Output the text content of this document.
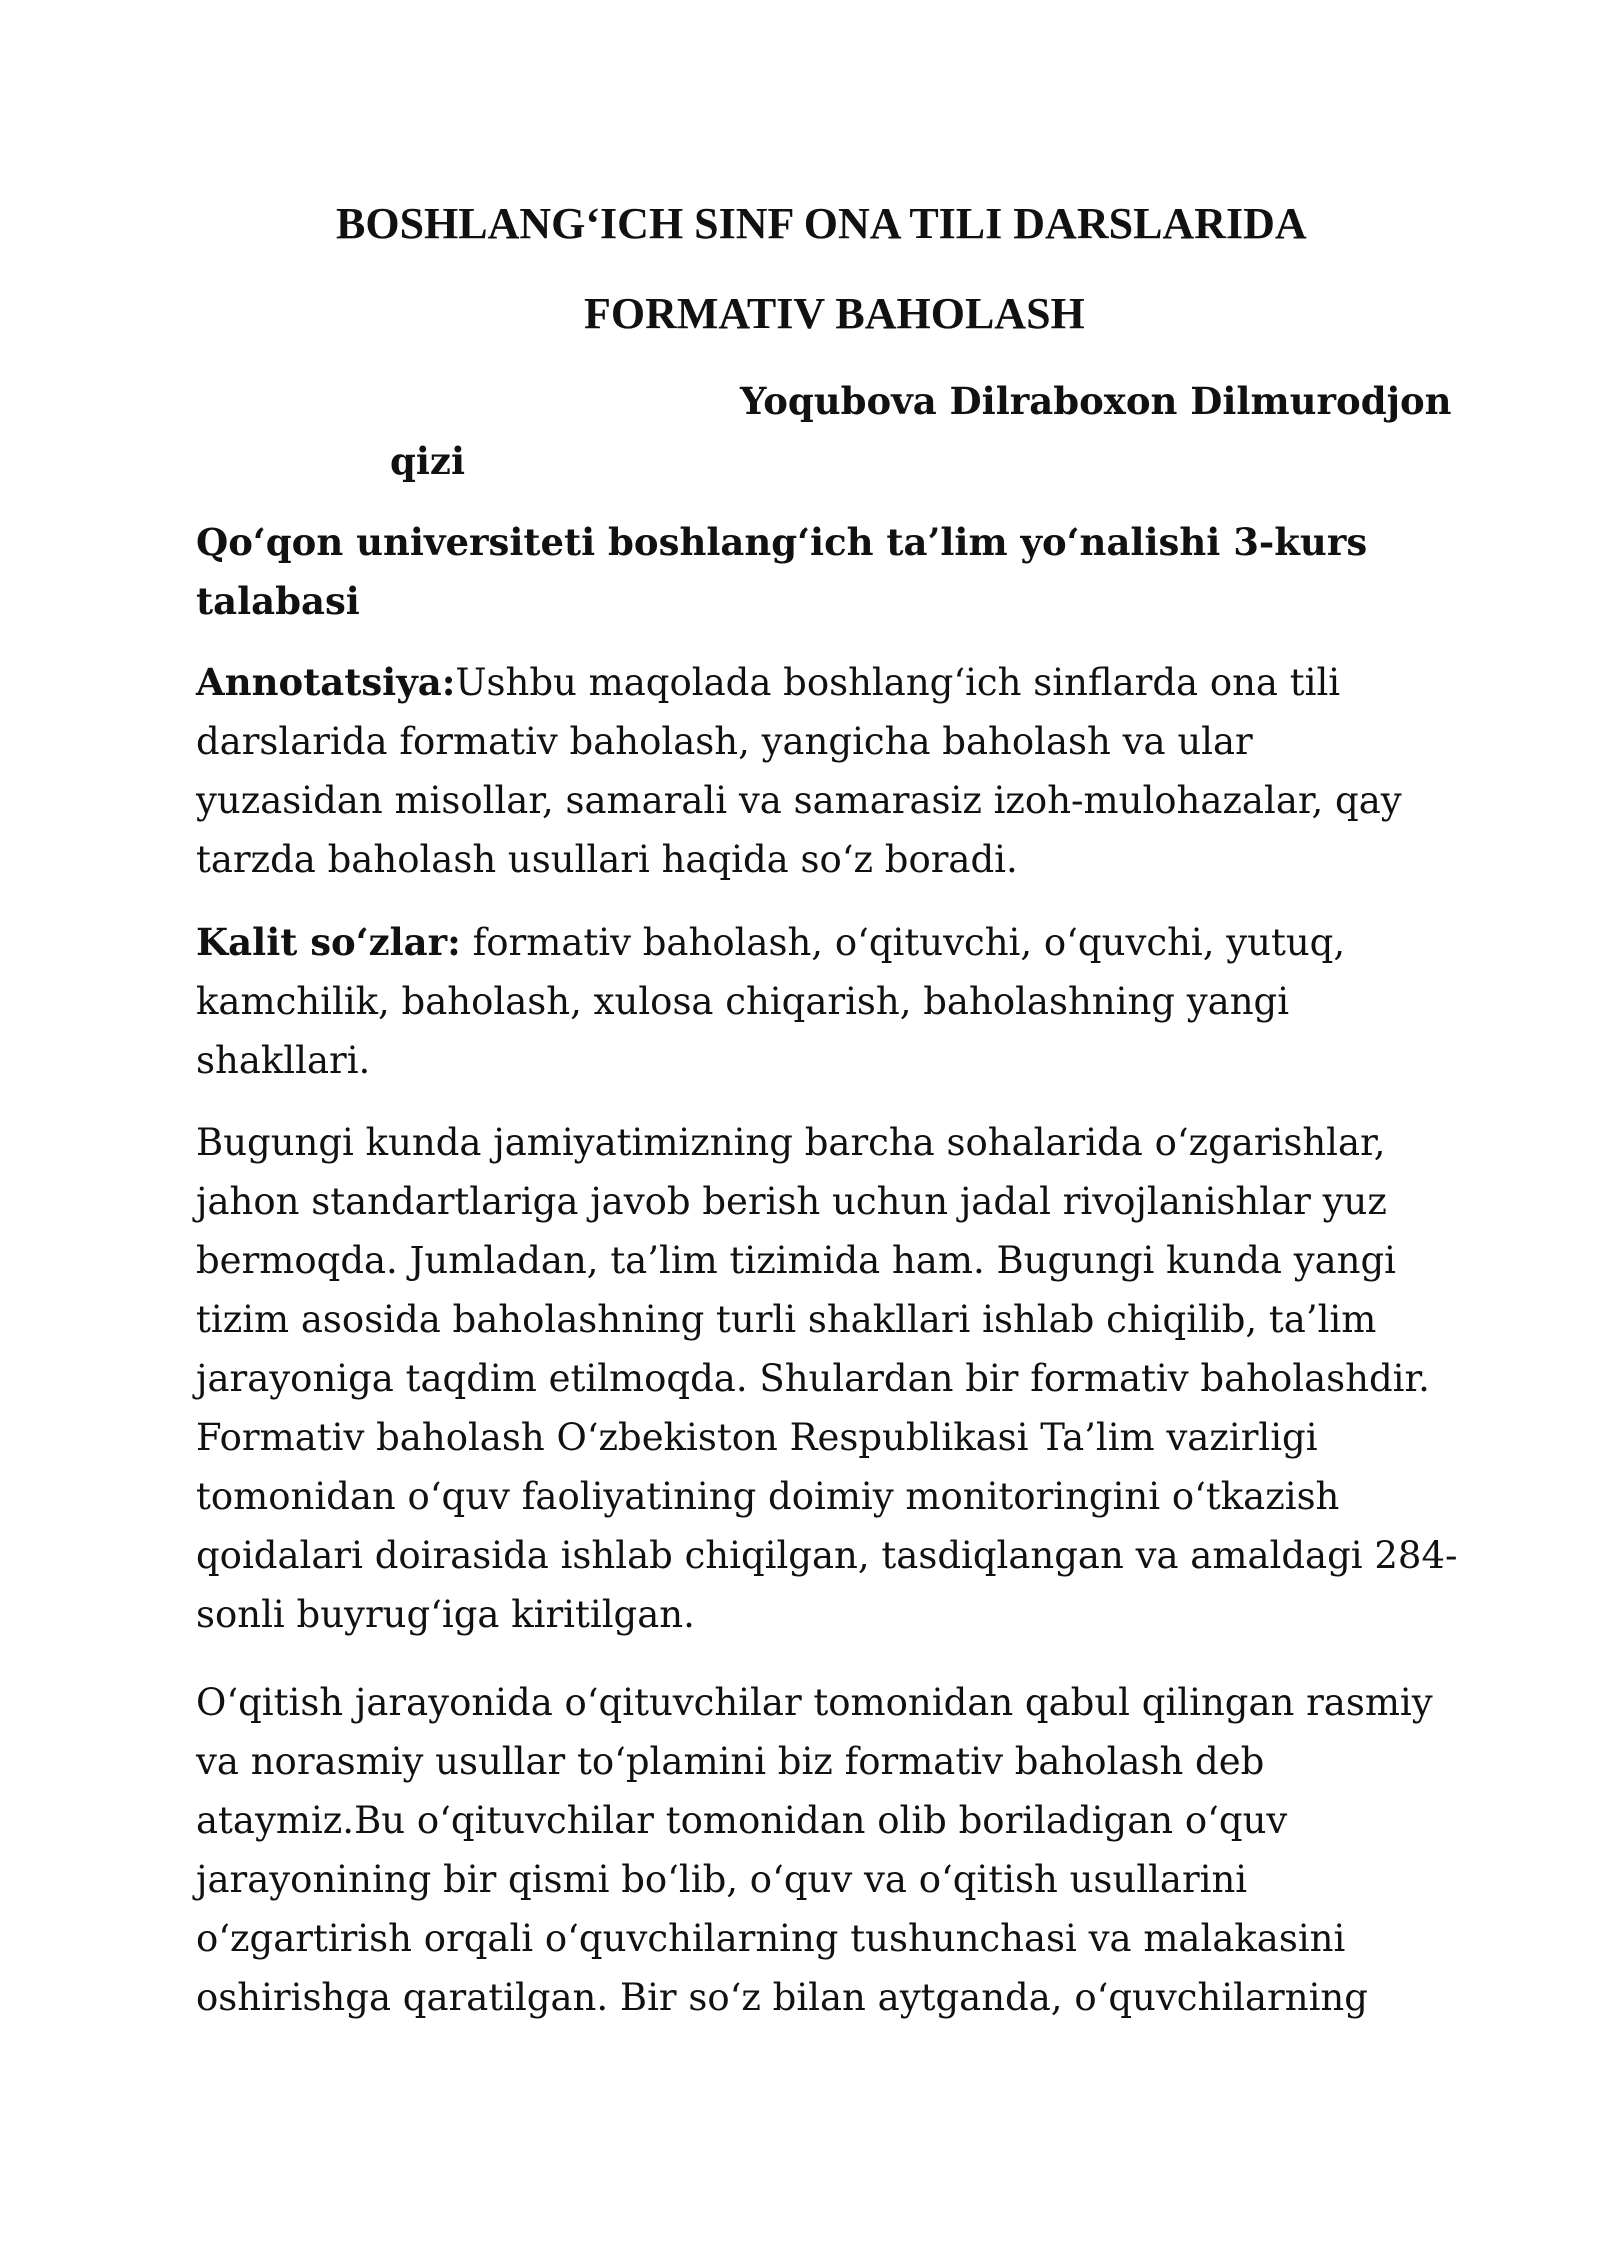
BOSHLANG‘ICH SINF ONA TILI DARSLARIDA
FORMATIV BAHOLASH
Yoqubova Dilraboxon Dilmurodjon
qizi
Qo‘qon universiteti boshlang‘ich ta’lim yo‘nalishi 3-kurs
talabasi
Annotatsiya:Ushbu maqolada boshlang‘ich sinflarda ona tili
darslarida formativ baholash, yangicha baholash va ular
yuzasidan misollar, samarali va samarasiz izoh-mulohazalar, qay
tarzda baholash usullari haqida so‘z boradi.
Kalit so‘zlar: formativ baholash, o‘qituvchi, o‘quvchi, yutuq,
kamchilik, baholash, xulosa chiqarish, baholashning yangi
shakllari.
Bugungi kunda jamiyatimizning barcha sohalarida o‘zgarishlar,
jahon standartlariga javob berish uchun jadal rivojlanishlar yuz
bermoqda. Jumladan, ta’lim tizimida ham. Bugungi kunda yangi
tizim asosida baholashning turli shakllari ishlab chiqilib, ta’lim
jarayoniga taqdim etilmoqda. Shulardan bir formativ baholashdir.
Formativ baholash O‘zbekiston Respublikasi Ta’lim vazirligi
tomonidan o‘quv faoliyatining doimiy monitoringini o‘tkazish
qoidalari doirasida ishlab chiqilgan, tasdiqlangan va amaldagi 284-
sonli buyrug‘iga kiritilgan.
O‘qitish jarayonida o‘qituvchilar tomonidan qabul qilingan rasmiy
va norasmiy usullar to‘plamini biz formativ baholash deb
ataymiz.Bu o‘qituvchilar tomonidan olib boriladigan o‘quv
jarayonining bir qismi bo‘lib, o‘quv va o‘qitish usullarini
o‘zgartirish orqali o‘quvchilarning tushunchasi va malakasini
oshirishga qaratilgan. Bir so‘z bilan aytganda, o‘quvchilarning
